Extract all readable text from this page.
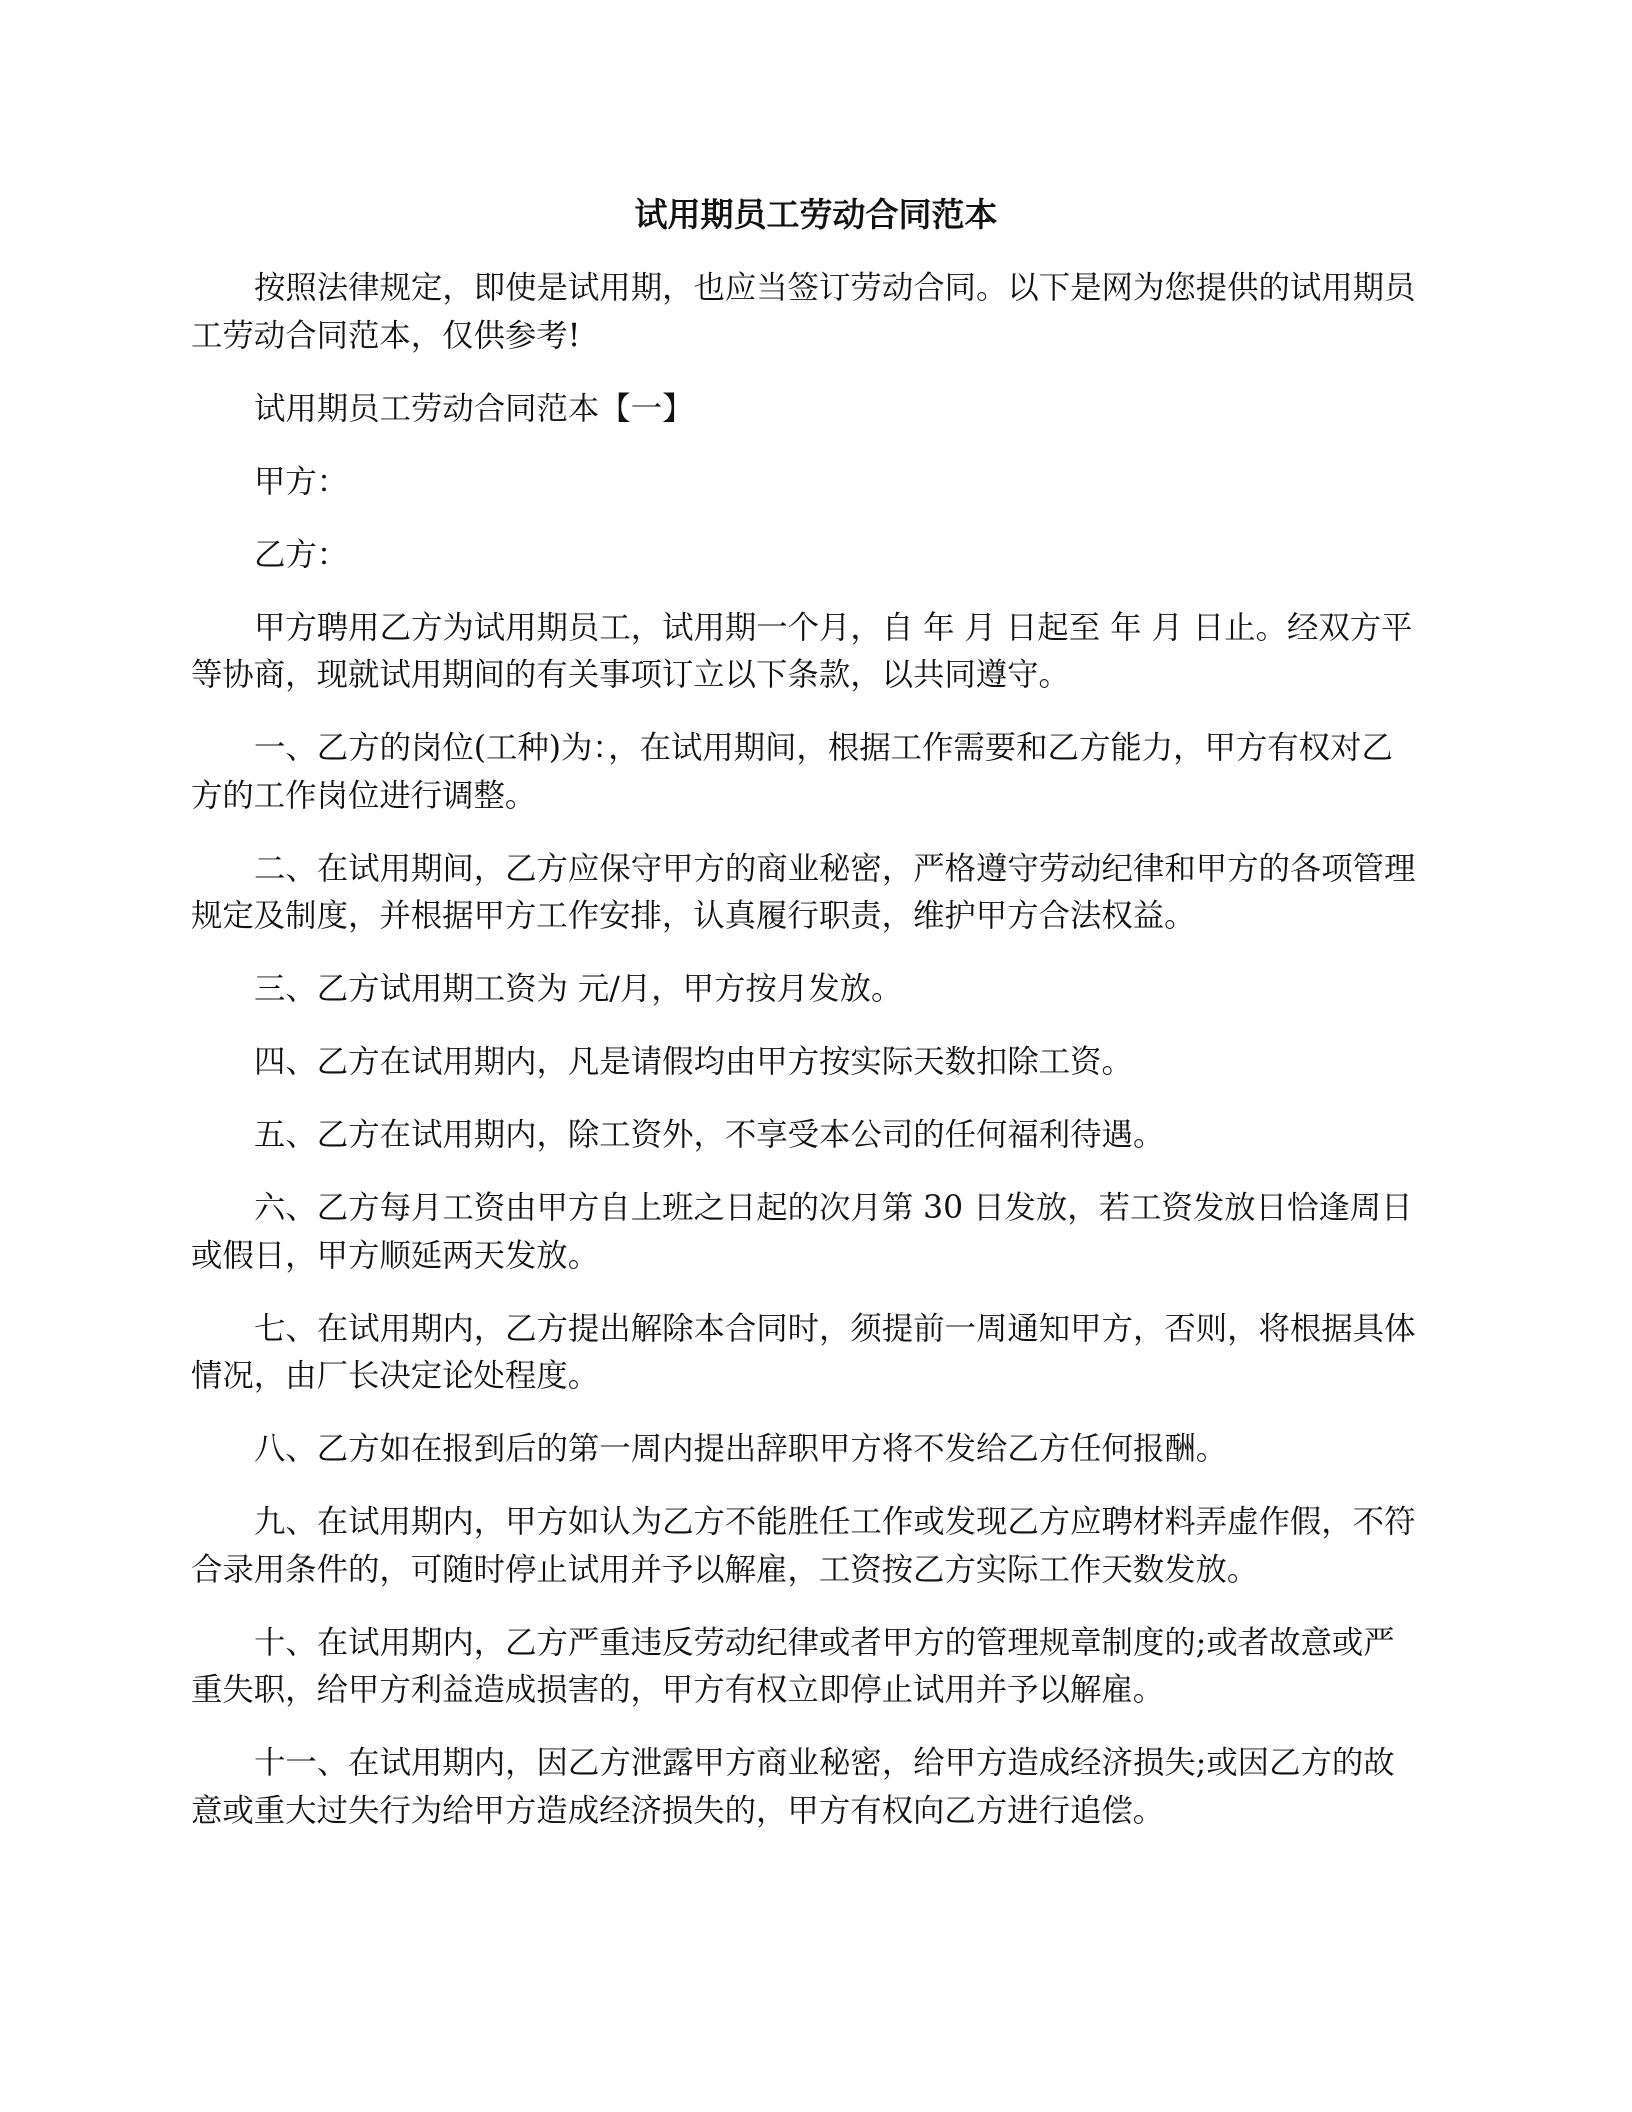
试用期员工劳动合同范本

按照法律规定，即使是试用期，也应当签订劳动合同。以下是网为您提供的试用期员
工劳动合同范本，仅供参考!

试用期员工劳动合同范本【一】

甲方：

乙方：

甲方聘用乙方为试用期员工，试用期一个月，自 年 月 日起至 年 月 日止。经双方平
等协商，现就试用期间的有关事项订立以下条款，以共同遵守。

一、乙方的岗位(工种)为：，在试用期间，根据工作需要和乙方能力，甲方有权对乙
方的工作岗位进行调整。

二、在试用期间，乙方应保守甲方的商业秘密，严格遵守劳动纪律和甲方的各项管理
规定及制度，并根据甲方工作安排，认真履行职责，维护甲方合法权益。

三、乙方试用期工资为 元/月，甲方按月发放。

四、乙方在试用期内，凡是请假均由甲方按实际天数扣除工资。

五、乙方在试用期内，除工资外，不享受本公司的任何福利待遇。

六、乙方每月工资由甲方自上班之日起的次月第 30 日发放，若工资发放日恰逢周日
或假日，甲方顺延两天发放。

七、在试用期内，乙方提出解除本合同时，须提前一周通知甲方，否则，将根据具体
情况，由厂长决定论处程度。

八、乙方如在报到后的第一周内提出辞职甲方将不发给乙方任何报酬。

九、在试用期内，甲方如认为乙方不能胜任工作或发现乙方应聘材料弄虚作假，不符
合录用条件的，可随时停止试用并予以解雇，工资按乙方实际工作天数发放。

十、在试用期内，乙方严重违反劳动纪律或者甲方的管理规章制度的;或者故意或严
重失职，给甲方利益造成损害的，甲方有权立即停止试用并予以解雇。

十一、在试用期内，因乙方泄露甲方商业秘密，给甲方造成经济损失;或因乙方的故
意或重大过失行为给甲方造成经济损失的，甲方有权向乙方进行追偿。
